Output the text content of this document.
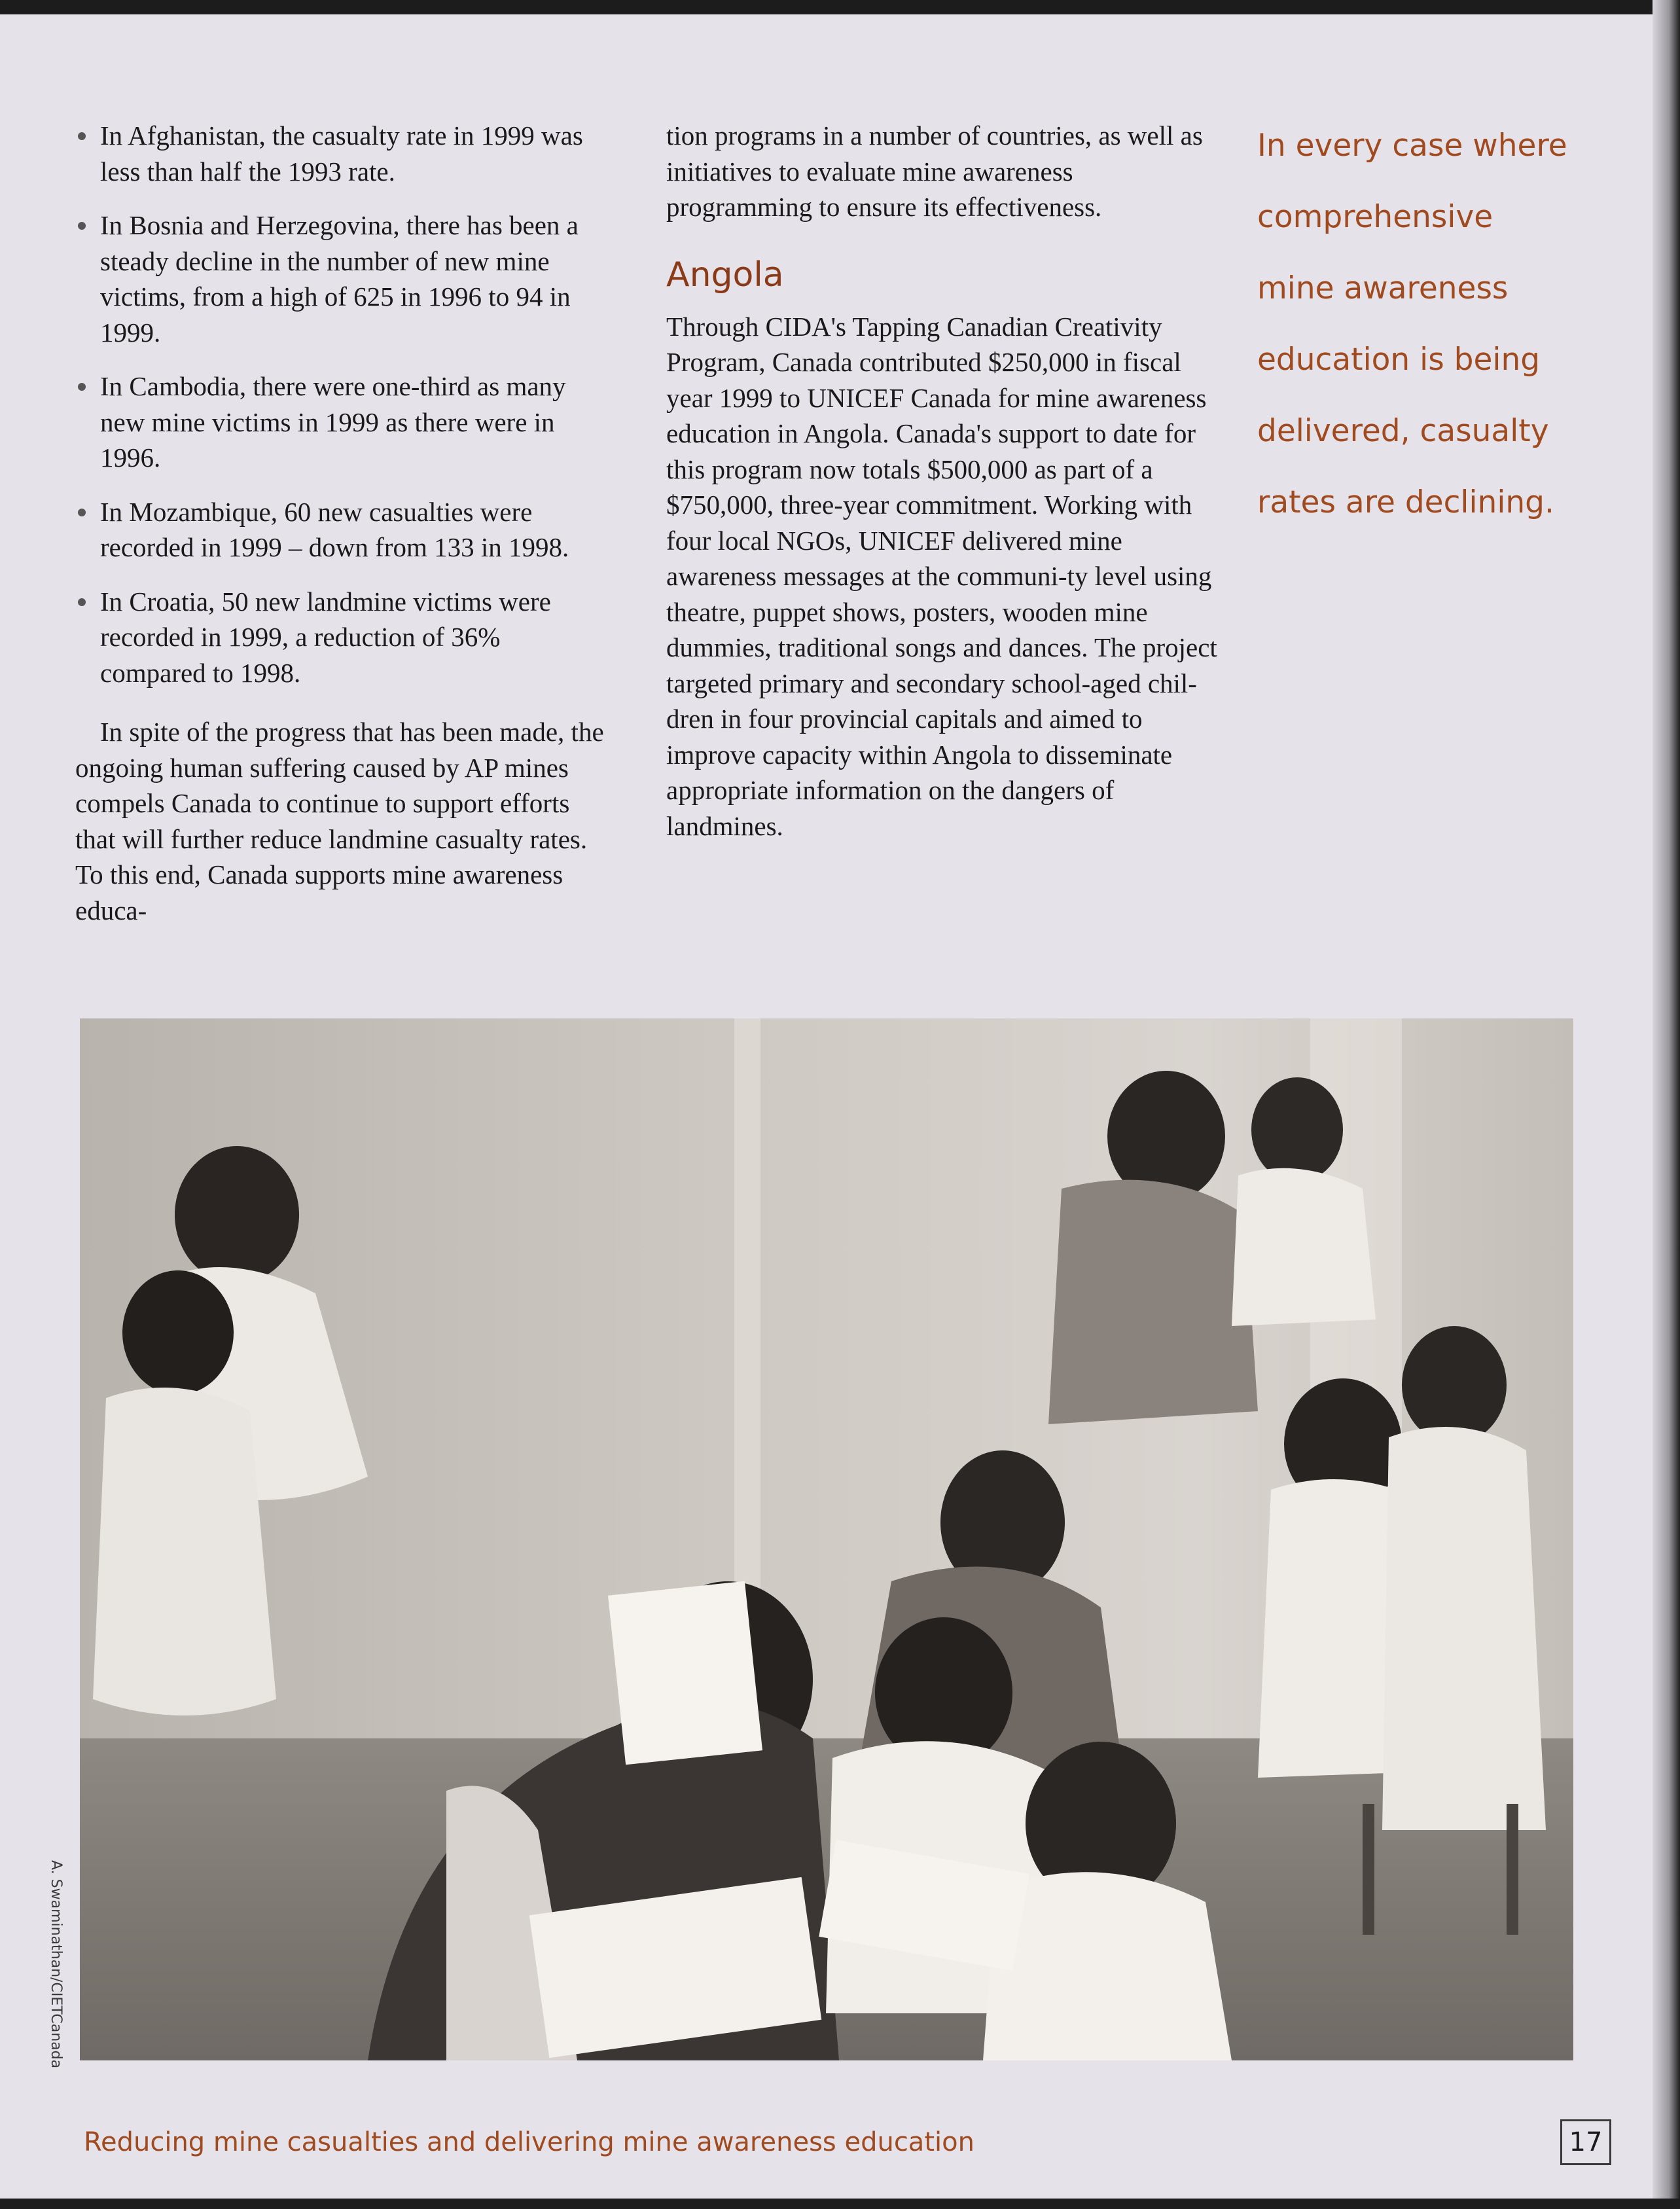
In Afghanistan, the casualty rate in 1999 was less than half the 1993 rate.
In Bosnia and Herzegovina, there has been a steady decline in the number of new mine victims, from a high of 625 in 1996 to 94 in 1999.
In Cambodia, there were one-third as many new mine victims in 1999 as there were in 1996.
In Mozambique, 60 new casualties were recorded in 1999 – down from 133 in 1998.
In Croatia, 50 new landmine victims were recorded in 1999, a reduction of 36% compared to 1998.

In spite of the progress that has been made, the ongoing human suffering caused by AP mines compels Canada to continue to support efforts that will further reduce landmine casualty rates. To this end, Canada supports mine awareness educa-

tion programs in a number of countries, as well as initiatives to evaluate mine awareness programming to ensure its effectiveness.

Angola

Through CIDA's Tapping Canadian Creativity Program, Canada contributed $250,000 in fiscal year 1999 to UNICEF Canada for mine awareness education in Angola. Canada's support to date for this program now totals $500,000 as part of a $750,000, three-year commitment. Working with four local NGOs, UNICEF delivered mine awareness messages at the communi-ty level using theatre, puppet shows, posters, wooden mine dummies, traditional songs and dances. The project targeted primary and secondary school-aged chil-dren in four provincial capitals and aimed to improve capacity within Angola to disseminate appropriate information on the dangers of landmines.

In every case where

comprehensive

mine awareness

education is being

delivered, casualty

rates are declining.

A. Swaminathan/CIETCanada
Reducing mine casualties and delivering mine awareness education	17
